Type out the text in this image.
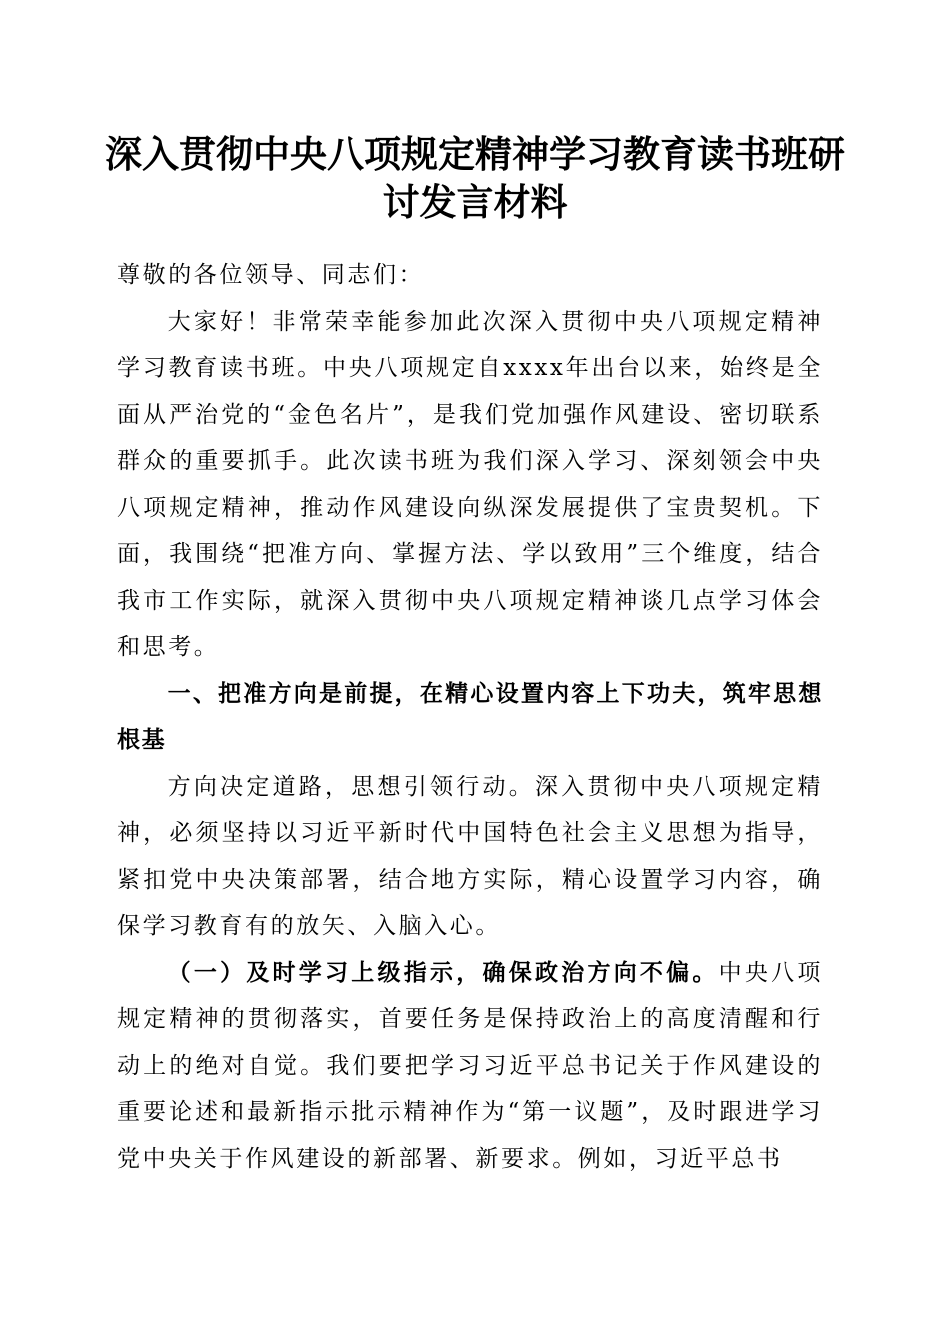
深入贯彻中央八项规定精神学习教育读书班研讨发言材料

尊敬的各位领导、同志们：

大家好！非常荣幸能参加此次深入贯彻中央八项规定精神学习教育读书班。中央八项规定自xxxx年出台以来，始终是全面从严治党的“金色名片”，是我们党加强作风建设、密切联系群众的重要抓手。此次读书班为我们深入学习、深刻领会中央八项规定精神，推动作风建设向纵深发展提供了宝贵契机。下面，我围绕“把准方向、掌握方法、学以致用”三个维度，结合我市工作实际，就深入贯彻中央八项规定精神谈几点学习体会和思考。

一、把准方向是前提，在精心设置内容上下功夫，筑牢思想根基

方向决定道路，思想引领行动。深入贯彻中央八项规定精神，必须坚持以习近平新时代中国特色社会主义思想为指导，紧扣党中央决策部署，结合地方实际，精心设置学习内容，确保学习教育有的放矢、入脑入心。

（一）及时学习上级指示，确保政治方向不偏。中央八项规定精神的贯彻落实，首要任务是保持政治上的高度清醒和行动上的绝对自觉。我们要把学习习近平总书记关于作风建设的重要论述和最新指示批示精神作为“第一议题”，及时跟进学习党中央关于作风建设的新部署、新要求。例如，习近平总书
